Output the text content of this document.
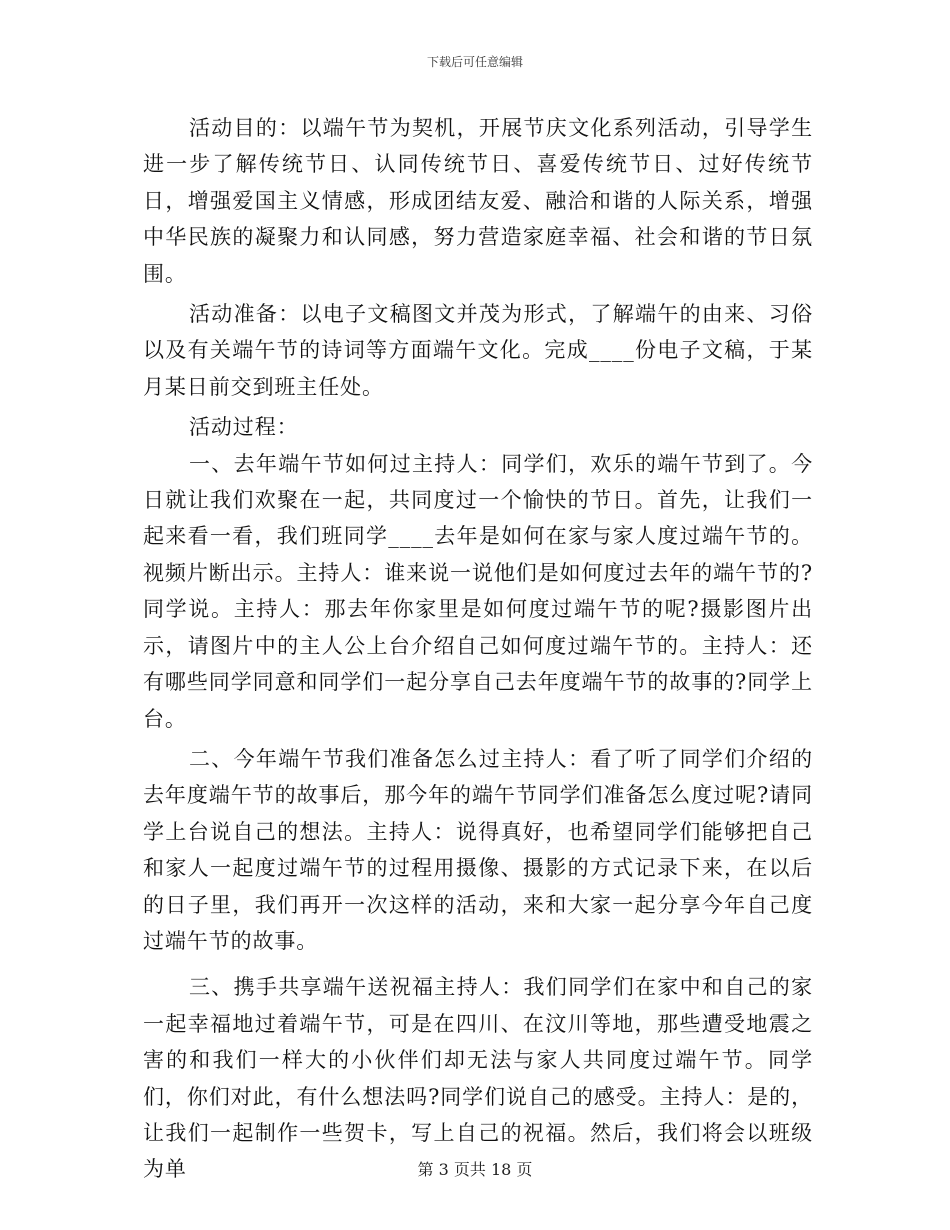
下载后可任意编辑

活动目的：以端午节为契机，开展节庆文化系列活动，引导学生进一步了解传统节日、认同传统节日、喜爱传统节日、过好传统节日，增强爱国主义情感，形成团结友爱、融洽和谐的人际关系，增强中华民族的凝聚力和认同感，努力营造家庭幸福、社会和谐的节日氛围。

活动准备：以电子文稿图文并茂为形式，了解端午的由来、习俗以及有关端午节的诗词等方面端午文化。完成____份电子文稿，于某月某日前交到班主任处。

活动过程：

一、去年端午节如何过主持人：同学们，欢乐的端午节到了。今日就让我们欢聚在一起，共同度过一个愉快的节日。首先，让我们一起来看一看，我们班同学____去年是如何在家与家人度过端午节的。视频片断出示。主持人：谁来说一说他们是如何度过去年的端午节的?同学说。主持人：那去年你家里是如何度过端午节的呢?摄影图片出示，请图片中的主人公上台介绍自己如何度过端午节的。主持人：还有哪些同学同意和同学们一起分享自己去年度端午节的故事的?同学上台。

二、今年端午节我们准备怎么过主持人：看了听了同学们介绍的去年度端午节的故事后，那今年的端午节同学们准备怎么度过呢?请同学上台说自己的想法。主持人：说得真好，也希望同学们能够把自己和家人一起度过端午节的过程用摄像、摄影的方式记录下来，在以后的日子里，我们再开一次这样的活动，来和大家一起分享今年自己度过端午节的故事。

三、携手共享端午送祝福主持人：我们同学们在家中和自己的家一起幸福地过着端午节，可是在四川、在汶川等地，那些遭受地震之害的和我们一样大的小伙伴们却无法与家人共同度过端午节。同学们，你们对此，有什么想法吗?同学们说自己的感受。主持人：是的，让我们一起制作一些贺卡，写上自己的祝福。然后，我们将会以班级为单	第 3 页共 18 页
